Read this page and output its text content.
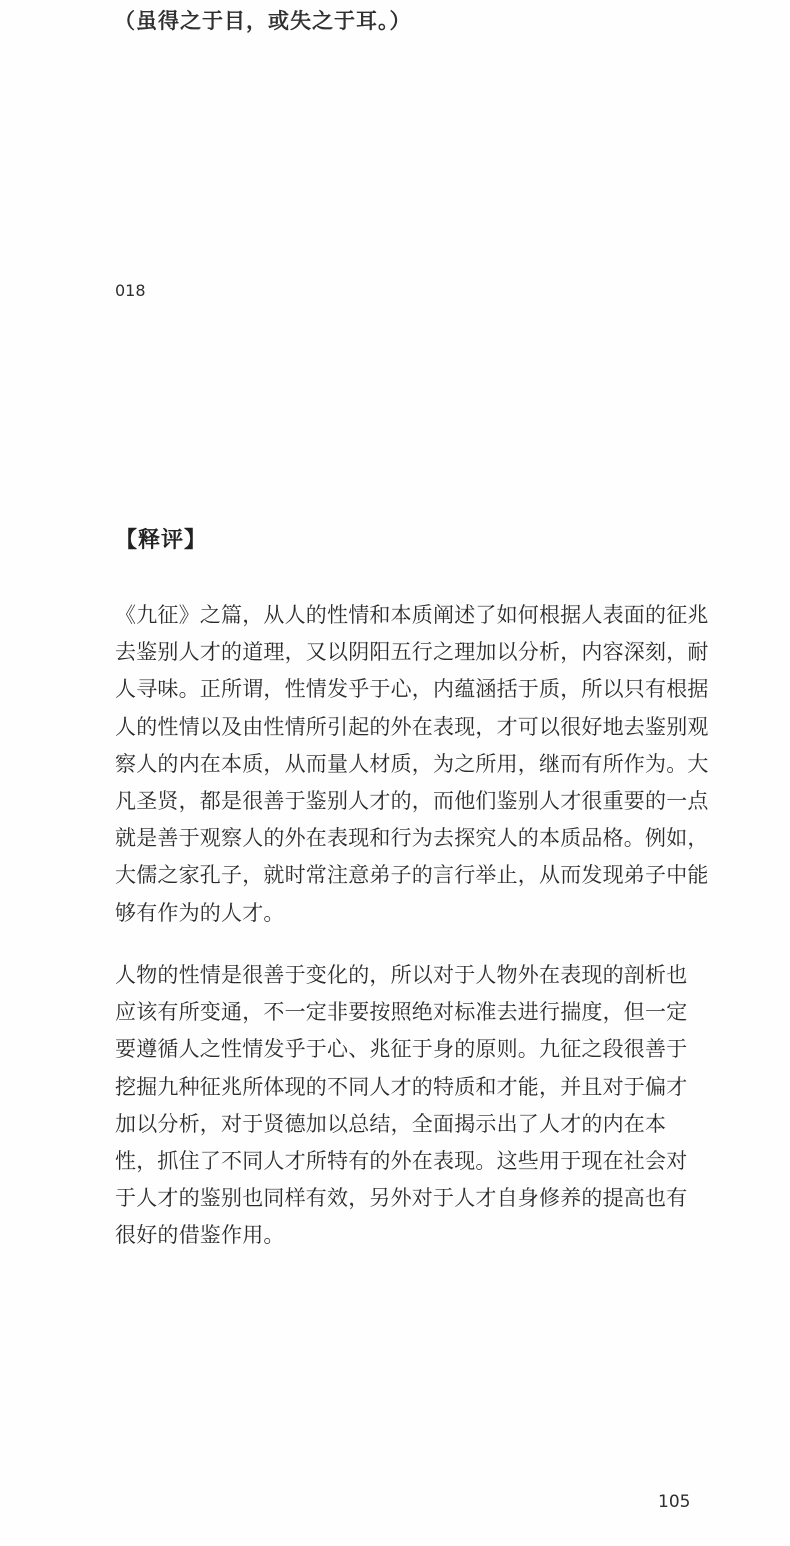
（虽得之于目，或失之于耳。）
018
【释评】
《九征》之篇，从人的性情和本质阐述了如何根据人表面的征兆
去鉴别人才的道理，又以阴阳五行之理加以分析，内容深刻，耐
人寻味。正所谓，性情发乎于心，内蕴涵括于质，所以只有根据
人的性情以及由性情所引起的外在表现，才可以很好地去鉴别观
察人的内在本质，从而量人材质，为之所用，继而有所作为。大
凡圣贤，都是很善于鉴别人才的，而他们鉴别人才很重要的一点
就是善于观察人的外在表现和行为去探究人的本质品格。例如，
大儒之家孔子，就时常注意弟子的言行举止，从而发现弟子中能
够有作为的人才。
人物的性情是很善于变化的，所以对于人物外在表现的剖析也
应该有所变通，不一定非要按照绝对标准去进行揣度，但一定
要遵循人之性情发乎于心、兆征于身的原则。九征之段很善于
挖掘九种征兆所体现的不同人才的特质和才能，并且对于偏才
加以分析，对于贤德加以总结，全面揭示出了人才的内在本
性，抓住了不同人才所特有的外在表现。这些用于现在社会对
于人才的鉴别也同样有效，另外对于人才自身修养的提高也有
很好的借鉴作用。
105
